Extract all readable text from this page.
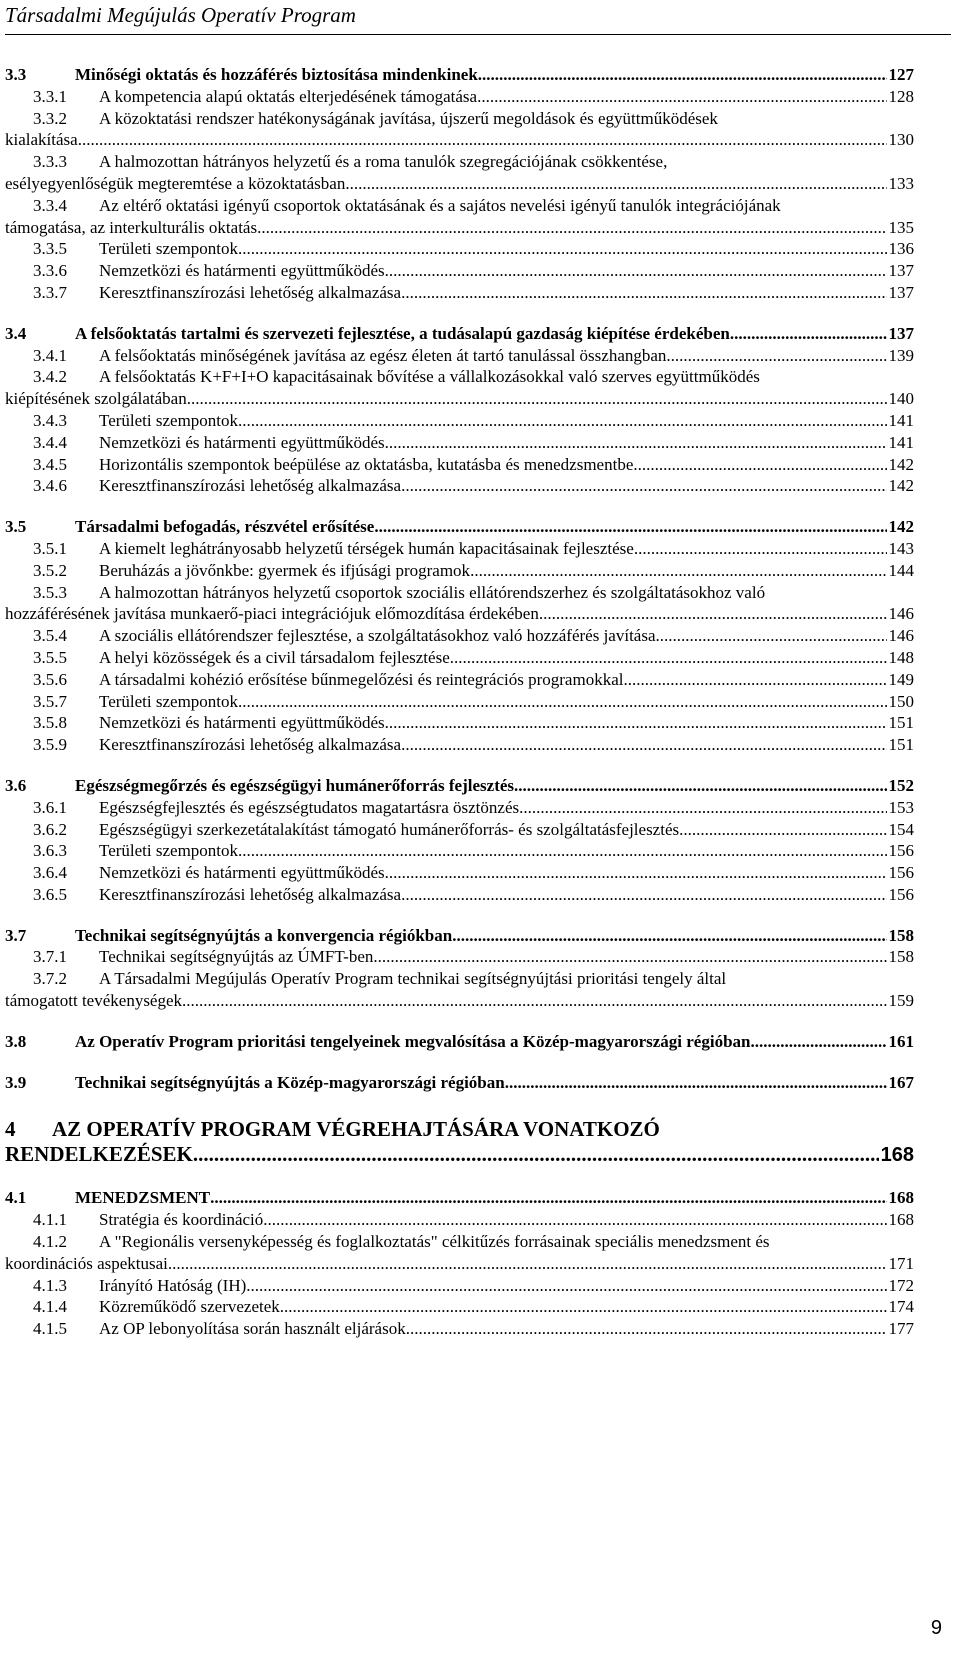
Társadalmi Megújulás Operatív Program
3.3	Minőségi oktatás és hozzáférés biztosítása mindenkinek .....	127
3.3.1	A kompetencia alapú oktatás elterjedésének támogatása .....	128
3.3.2	A közoktatási rendszer hatékonyságának javítása, újszerű megoldások és együttműködések
kialakítása .....	130
3.3.3	A halmozottan hátrányos helyzetű és a roma tanulók szegregációjának csökkentése,
esélyegyenlőségük megteremtése a közoktatásban .....	133
3.3.4	Az eltérő oktatási igényű csoportok oktatásának és a sajátos nevelési igényű tanulók integrációjának
támogatása, az interkulturális oktatás .....	135
3.3.5	Területi szempontok .....	136
3.3.6	Nemzetközi és határmenti együttműködés .....	137
3.3.7	Keresztfinanszírozási lehetőség alkalmazása .....	137
3.4	A felsőoktatás tartalmi és szervezeti fejlesztése, a tudásalapú gazdaság kiépítése érdekében .....	137
3.4.1	A felsőoktatás minőségének javítása az egész életen át tartó tanulással összhangban .....	139
3.4.2	A felsőoktatás K+F+I+O kapacitásainak bővítése a vállalkozásokkal való szerves együttműködés
kiépítésének szolgálatában .....	140
3.4.3	Területi szempontok .....	141
3.4.4	Nemzetközi és határmenti együttműködés .....	141
3.4.5	Horizontális szempontok beépülése az oktatásba, kutatásba és menedzsmentbe .....	142
3.4.6	Keresztfinanszírozási lehetőség alkalmazása .....	142
3.5	Társadalmi befogadás, részvétel erősítése .....	142
3.5.1	A kiemelt leghátrányosabb helyzetű térségek humán kapacitásainak fejlesztése .....	143
3.5.2	Beruházás a jövőnkbe: gyermek és ifjúsági programok .....	144
3.5.3	A halmozottan hátrányos helyzetű csoportok szociális ellátórendszerhez és szolgáltatásokhoz való
hozzáférésének javítása munkaerő-piaci integrációjuk előmozdítása érdekében .....	146
3.5.4	A szociális ellátórendszer fejlesztése, a szolgáltatásokhoz való hozzáférés javítása .....	146
3.5.5	A helyi közösségek és a civil társadalom fejlesztése .....	148
3.5.6	A társadalmi kohézió erősítése bűnmegelőzési és reintegrációs programokkal .....	149
3.5.7	Területi szempontok .....	150
3.5.8	Nemzetközi és határmenti együttműködés .....	151
3.5.9	Keresztfinanszírozási lehetőség alkalmazása .....	151
3.6	Egészségmegőrzés és egészségügyi humánerőforrás fejlesztés .....	152
3.6.1	Egészségfejlesztés és egészségtudatos magatartásra ösztönzés .....	153
3.6.2	Egészségügyi szerkezetátalakítást támogató humánerőforrás- és szolgáltatásfejlesztés .....	154
3.6.3	Területi szempontok .....	156
3.6.4	Nemzetközi és határmenti együttműködés .....	156
3.6.5	Keresztfinanszírozási lehetőség alkalmazása .....	156
3.7	Technikai segítségnyújtás a konvergencia régiókban .....	158
3.7.1	Technikai segítségnyújtás az ÚMFT-ben .....	158
3.7.2	A Társadalmi Megújulás Operatív Program technikai segítségnyújtási prioritási tengely által
támogatott tevékenységek .....	159
3.8	Az Operatív Program prioritási tengelyeinek megvalósítása a Közép-magyarországi régióban .....	161
3.9	Technikai segítségnyújtás a Közép-magyarországi régióban .....	167
4 AZ OPERATÍV PROGRAM VÉGREHAJTÁSÁRA VONATKOZÓ
RENDELKEZÉSEK .....	168
4.1	MENEDZSMENT .....	168
4.1.1	Stratégia és koordináció .....	168
4.1.2	A "Regionális versenyképesség és foglalkoztatás" célkitűzés forrásainak speciális menedzsment és
koordinációs aspektusai .....	171
4.1.3	Irányító Hatóság (IH) .....	172
4.1.4	Közreműködő szervezetek .....	174
4.1.5	Az OP lebonyolítása során használt eljárások .....	177
9
